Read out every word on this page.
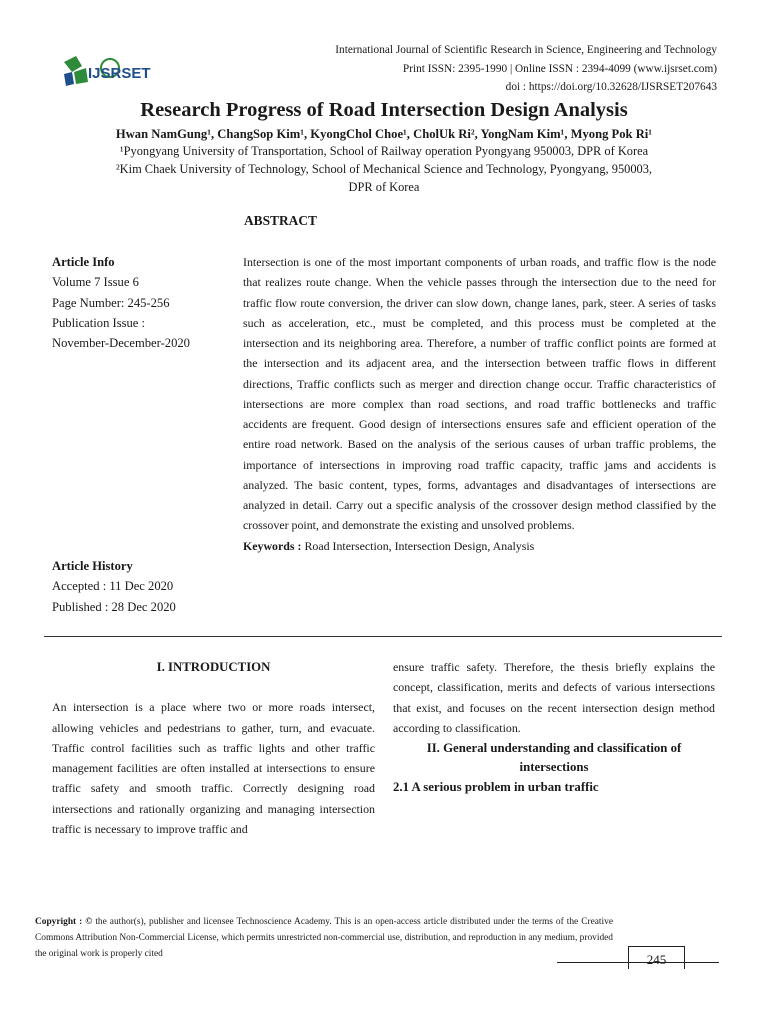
IJSRSET
International Journal of Scientific Research in Science, Engineering and Technology
Print ISSN: 2395-1990 | Online ISSN : 2394-4099 (www.ijsrset.com)
doi : https://doi.org/10.32628/IJSRSET207643
Research Progress of Road Intersection Design Analysis
Hwan NamGung¹, ChangSop Kim¹, KyongChol Choe¹, CholUk Ri², YongNam Kim¹, Myong Pok Ri¹
¹Pyongyang University of Transportation, School of Railway operation Pyongyang 950003, DPR of Korea
²Kim Chaek University of Technology, School of Mechanical Science and Technology, Pyongyang, 950003,
DPR of Korea
ABSTRACT
Article Info
Volume 7 Issue 6
Page Number: 245-256
Publication Issue :
November-December-2020
Article History
Accepted : 11 Dec 2020
Published : 28 Dec 2020
Intersection is one of the most important components of urban roads, and traffic flow is the node that realizes route change. When the vehicle passes through the intersection due to the need for traffic flow route conversion, the driver can slow down, change lanes, park, steer. A series of tasks such as acceleration, etc., must be completed, and this process must be completed at the intersection and its neighboring area. Therefore, a number of traffic conflict points are formed at the intersection and its adjacent area, and the intersection between traffic flows in different directions, Traffic conflicts such as merger and direction change occur. Traffic characteristics of intersections are more complex than road sections, and road traffic bottlenecks and traffic accidents are frequent. Good design of intersections ensures safe and efficient operation of the entire road network. Based on the analysis of the serious causes of urban traffic problems, the importance of intersections in improving road traffic capacity, traffic jams and accidents is analyzed. The basic content, types, forms, advantages and disadvantages of intersections are analyzed in detail. Carry out a specific analysis of the crossover design method classified by the crossover point, and demonstrate the existing and unsolved problems.
Keywords : Road Intersection, Intersection Design, Analysis
I. INTRODUCTION
An intersection is a place where two or more roads intersect, allowing vehicles and pedestrians to gather, turn, and evacuate. Traffic control facilities such as traffic lights and other traffic management facilities are often installed at intersections to ensure traffic safety and smooth traffic. Correctly designing road intersections and rationally organizing and managing intersection traffic is necessary to improve traffic and
ensure traffic safety. Therefore, the thesis briefly explains the concept, classification, merits and defects of various intersections that exist, and focuses on the recent intersection design method according to classification.
II. General understanding and classification of intersections
2.1 A serious problem in urban traffic
Copyright : © the author(s), publisher and licensee Technoscience Academy. This is an open-access article distributed under the terms of the Creative Commons Attribution Non-Commercial License, which permits unrestricted non-commercial use, distribution, and reproduction in any medium, provided the original work is properly cited	245
